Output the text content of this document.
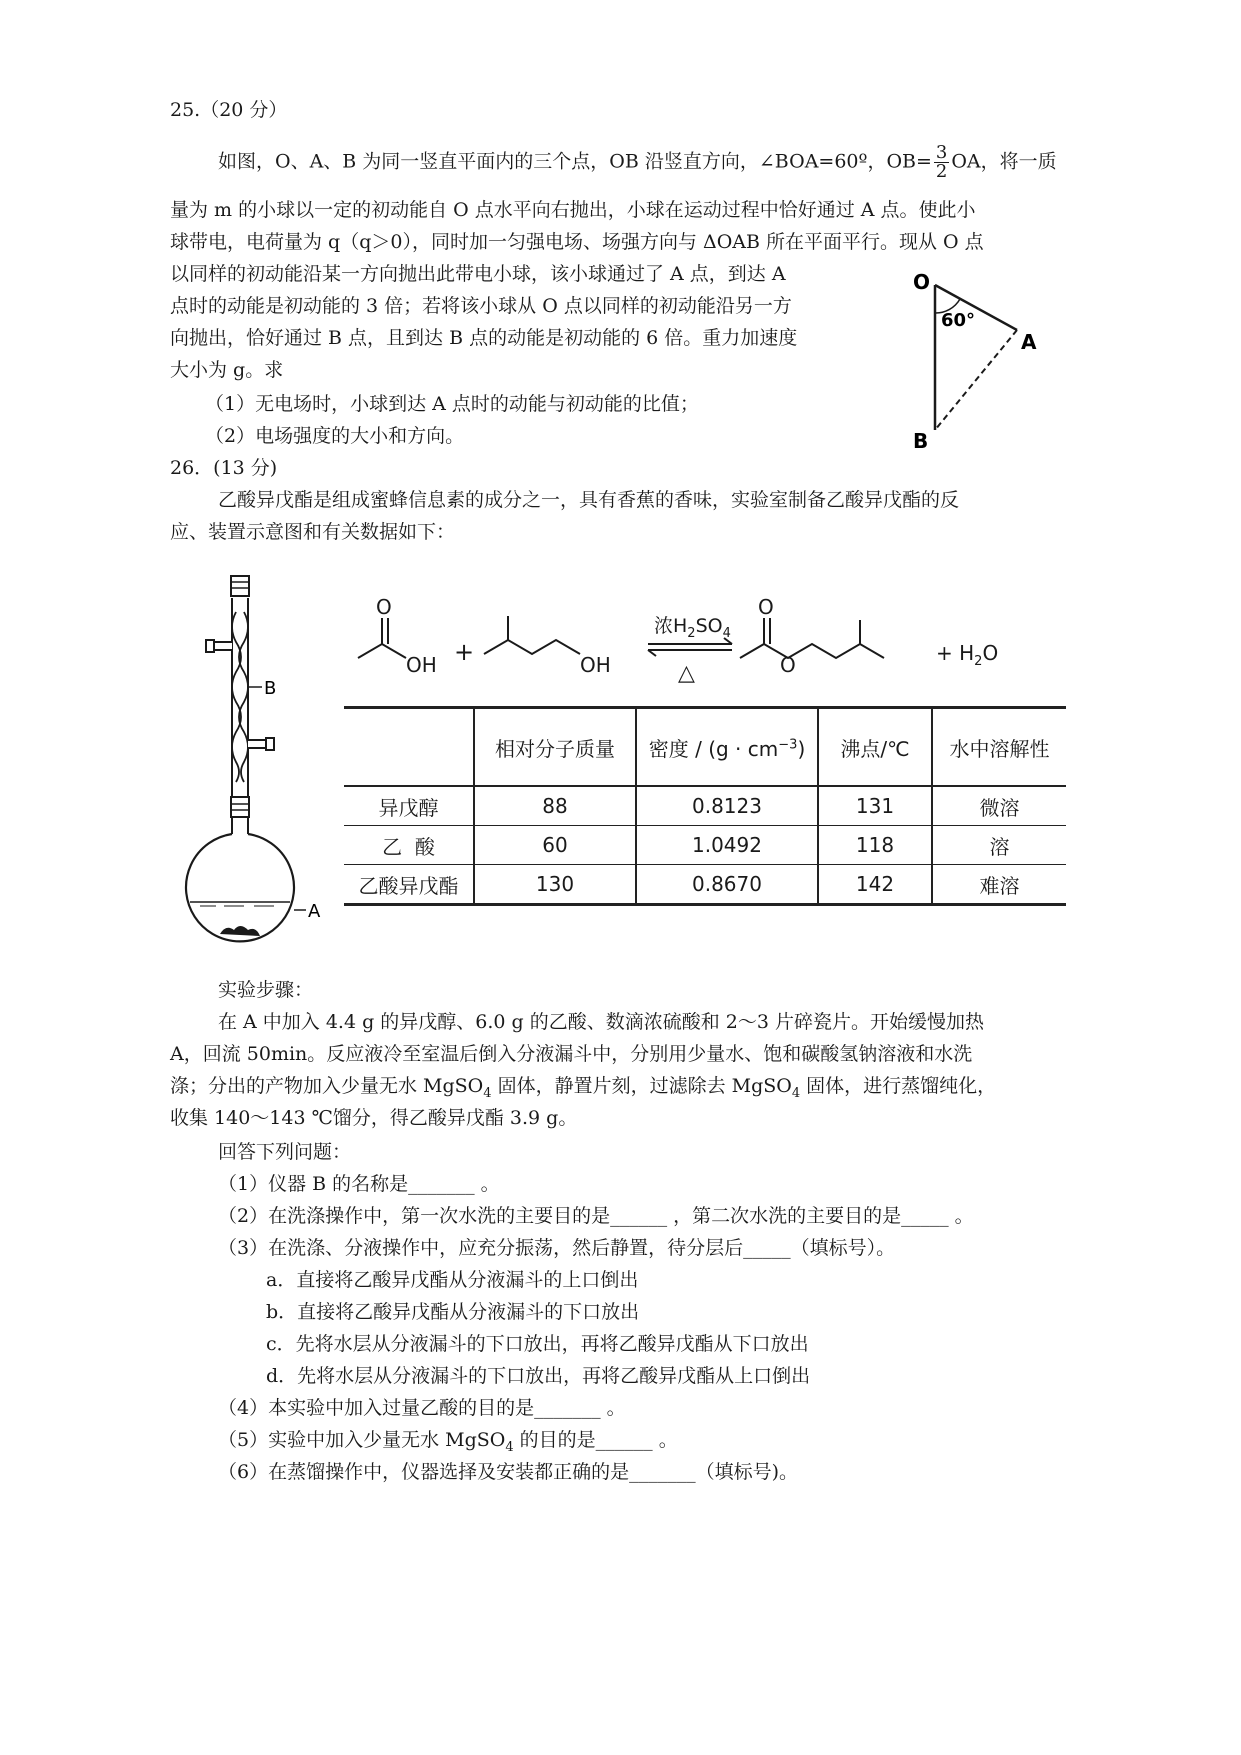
25.（20 分）
如图，O、A、B 为同一竖直平面内的三个点，OB 沿竖直方向，∠BOA=60º，$OB= \frac{3}{2}$ OA，将一质
量为 m 的小球以一定的初动能自 O 点水平向右抛出，小球在运动过程中恰好通过 A 点。使此小
球带电，电荷量为 q（q＞0），同时加一匀强电场、场强方向与 ΔOAB 所在平面平行。现从 O 点
以同样的初动能沿某一方向抛出此带电小球，该小球通过了 A 点，到达 A
点时的动能是初动能的 3 倍；若将该小球从 O 点以同样的初动能沿另一方
向抛出，恰好通过 B 点，且到达 B 点的动能是初动能的 6 倍。重力加速度
大小为 g。求
（1）无电场时，小球到达 A 点时的动能与初动能的比值；
（2）电场强度的大小和方向。
O
A
B
60°
26．(13 分)
乙酸异戊酯是组成蜜蜂信息素的成分之一，具有香蕉的香味，实验室制备乙酸异戊酯的反
应、装置示意图和有关数据如下：
B
A
O
OH +	OH
浓$H_2SO_4$
△
O
O	+ $H_2O$
	相对分子质量	密度 / $(g \cdot cm^{-3})$	沸点/℃	水中溶解性
异戊醇	88	0.8123	131	微溶
乙  酸	60	1.0492	118	溶
乙酸异戊酯	130	0.8670	142	难溶
实验步骤：
在 A 中加入 4.4 g 的异戊醇、6.0 g 的乙酸、数滴浓硫酸和 2～3 片碎瓷片。开始缓慢加热
A，回流 50min。反应液冷至室温后倒入分液漏斗中，分别用少量水、饱和碳酸氢钠溶液和水洗
涤；分出的产物加入少量无水 MgSO$_4$ 固体，静置片刻，过滤除去 MgSO$_4$ 固体，进行蒸馏纯化，
收集 140～143 ℃馏分，得乙酸异戊酯 3.9 g。
回答下列问题：
（1）仪器 B 的名称是_______ 。
（2）在洗涤操作中，第一次水洗的主要目的是______ ，第二次水洗的主要目的是_____ 。
（3）在洗涤、分液操作中，应充分振荡，然后静置，待分层后_____（填标号）。
a．直接将乙酸异戊酯从分液漏斗的上口倒出
b．直接将乙酸异戊酯从分液漏斗的下口放出
c．先将水层从分液漏斗的下口放出，再将乙酸异戊酯从下口放出
d．先将水层从分液漏斗的下口放出，再将乙酸异戊酯从上口倒出
（4）本实验中加入过量乙酸的目的是_______ 。
（5）实验中加入少量无水 MgSO$_4$ 的目的是______ 。
（6）在蒸馏操作中，仪器选择及安装都正确的是_______（填标号)。
